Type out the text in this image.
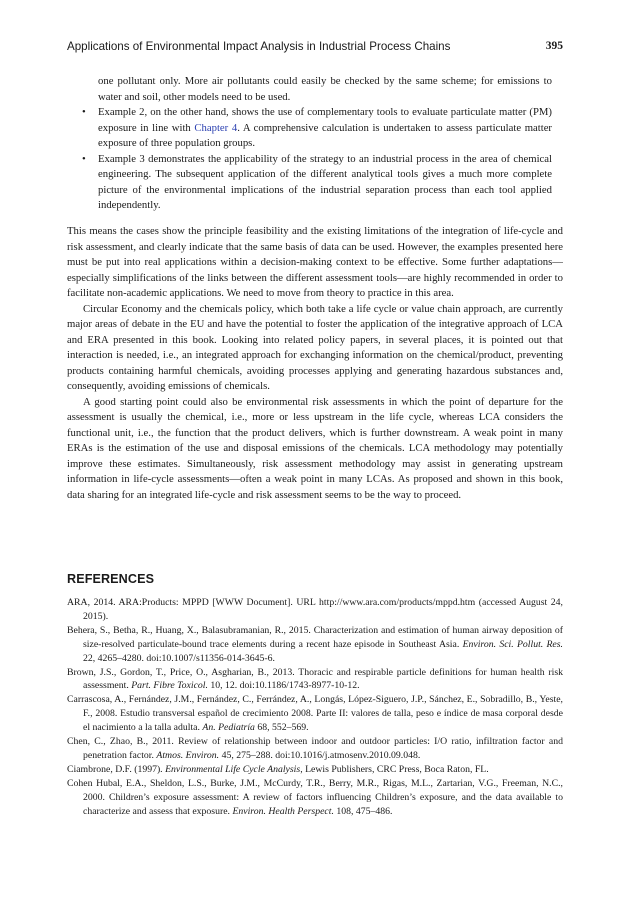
Applications of Environmental Impact Analysis in Industrial Process Chains	395
one pollutant only. More air pollutants could easily be checked by the same scheme; for emissions to water and soil, other models need to be used.
• Example 2, on the other hand, shows the use of complementary tools to evaluate particulate matter (PM) exposure in line with Chapter 4. A comprehensive calculation is undertaken to assess particulate matter exposure of three population groups.
• Example 3 demonstrates the applicability of the strategy to an industrial process in the area of chemical engineering. The subsequent application of the different analytical tools gives a much more complete picture of the environmental implications of the industrial separation process than each tool applied independently.

This means the cases show the principle feasibility and the existing limitations of the integration of life-cycle and risk assessment, and clearly indicate that the same basis of data can be used. However, the examples presented here must be put into real applications within a decision-making context to be effective. Some further adaptations—especially simplifications of the links between the different assessment tools—are highly recommended in order to facilitate non-academic applications. We need to move from theory to practice in this area.

Circular Economy and the chemicals policy, which both take a life cycle or value chain approach, are currently major areas of debate in the EU and have the potential to foster the application of the integrative approach of LCA and ERA presented in this book. Looking into related policy papers, in several places, it is pointed out that interaction is needed, i.e., an integrated approach for exchanging information on the chemical/product, preventing products containing harmful chemicals, avoiding processes applying and generating hazardous substances and, consequently, avoiding emissions of chemicals.

A good starting point could also be environmental risk assessments in which the point of departure for the assessment is usually the chemical, i.e., more or less upstream in the life cycle, whereas LCA considers the functional unit, i.e., the function that the product delivers, which is further downstream. A weak point in many ERAs is the estimation of the use and disposal emissions of the chemicals. LCA methodology may potentially improve these estimates. Simultaneously, risk assessment methodology may assist in generating upstream information in life-cycle assessments—often a weak point in many LCAs. As proposed and shown in this book, data sharing for an integrated life-cycle and risk assessment seems to be the way to proceed.

REFERENCES
ARA, 2014. ARA:Products: MPPD [WWW Document]. URL http://www.ara.com/products/mppd.htm (accessed August 24, 2015).
Behera, S., Betha, R., Huang, X., Balasubramanian, R., 2015. Characterization and estimation of human airway deposition of size-resolved particulate-bound trace elements during a recent haze episode in Southeast Asia. Environ. Sci. Pollut. Res. 22, 4265–4280. doi:10.1007/s11356-014-3645-6.
Brown, J.S., Gordon, T., Price, O., Asgharian, B., 2013. Thoracic and respirable particle definitions for human health risk assessment. Part. Fibre Toxicol. 10, 12. doi:10.1186/1743-8977-10-12.
Carrascosa, A., Fernández, J.M., Fernández, C., Ferrández, A., Longás, López-Siguero, J.P., Sánchez, E., Sobradillo, B., Yeste, F., 2008. Estudio transversal español de crecimiento 2008. Parte II: valores de talla, peso e índice de masa corporal desde el nacimiento a la talla adulta. An. Pediatría 68, 552–569.
Chen, C., Zhao, B., 2011. Review of relationship between indoor and outdoor particles: I/O ratio, infiltration factor and penetration factor. Atmos. Environ. 45, 275–288. doi:10.1016/j.atmosenv.2010.09.048.
Ciambrone, D.F. (1997). Environmental Life Cycle Analysis, Lewis Publishers, CRC Press, Boca Raton, FL.
Cohen Hubal, E.A., Sheldon, L.S., Burke, J.M., McCurdy, T.R., Berry, M.R., Rigas, M.L., Zartarian, V.G., Freeman, N.C., 2000. Children’s exposure assessment: A review of factors influencing Children’s exposure, and the data available to characterize and assess that exposure. Environ. Health Perspect. 108, 475–486.
